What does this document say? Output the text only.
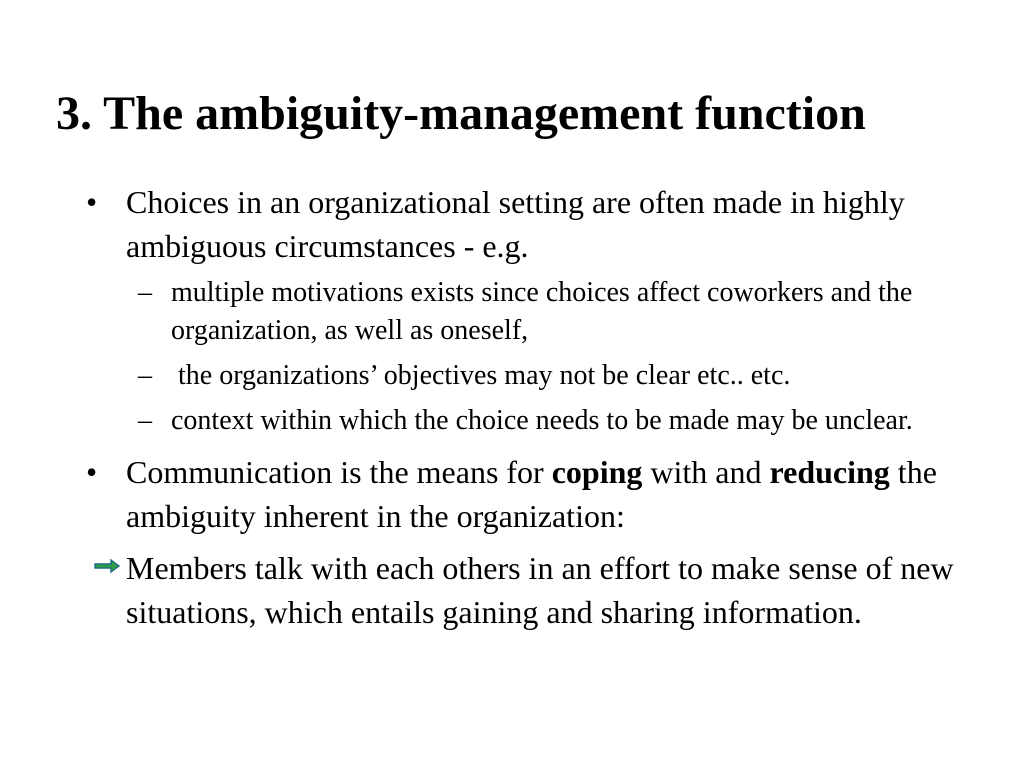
3. The ambiguity-management function
• Choices in an organizational setting are often made in highly ambiguous circumstances - e.g.
– multiple motivations exists since choices affect coworkers and the organization, as well as oneself,
– the organizations’ objectives may not be clear etc.. etc.
– context within which the choice needs to be made may be unclear.
• Communication is the means for coping with and reducing the ambiguity inherent in the organization:
Members talk with each others in an effort to make sense of new situations, which entails gaining and sharing information.
